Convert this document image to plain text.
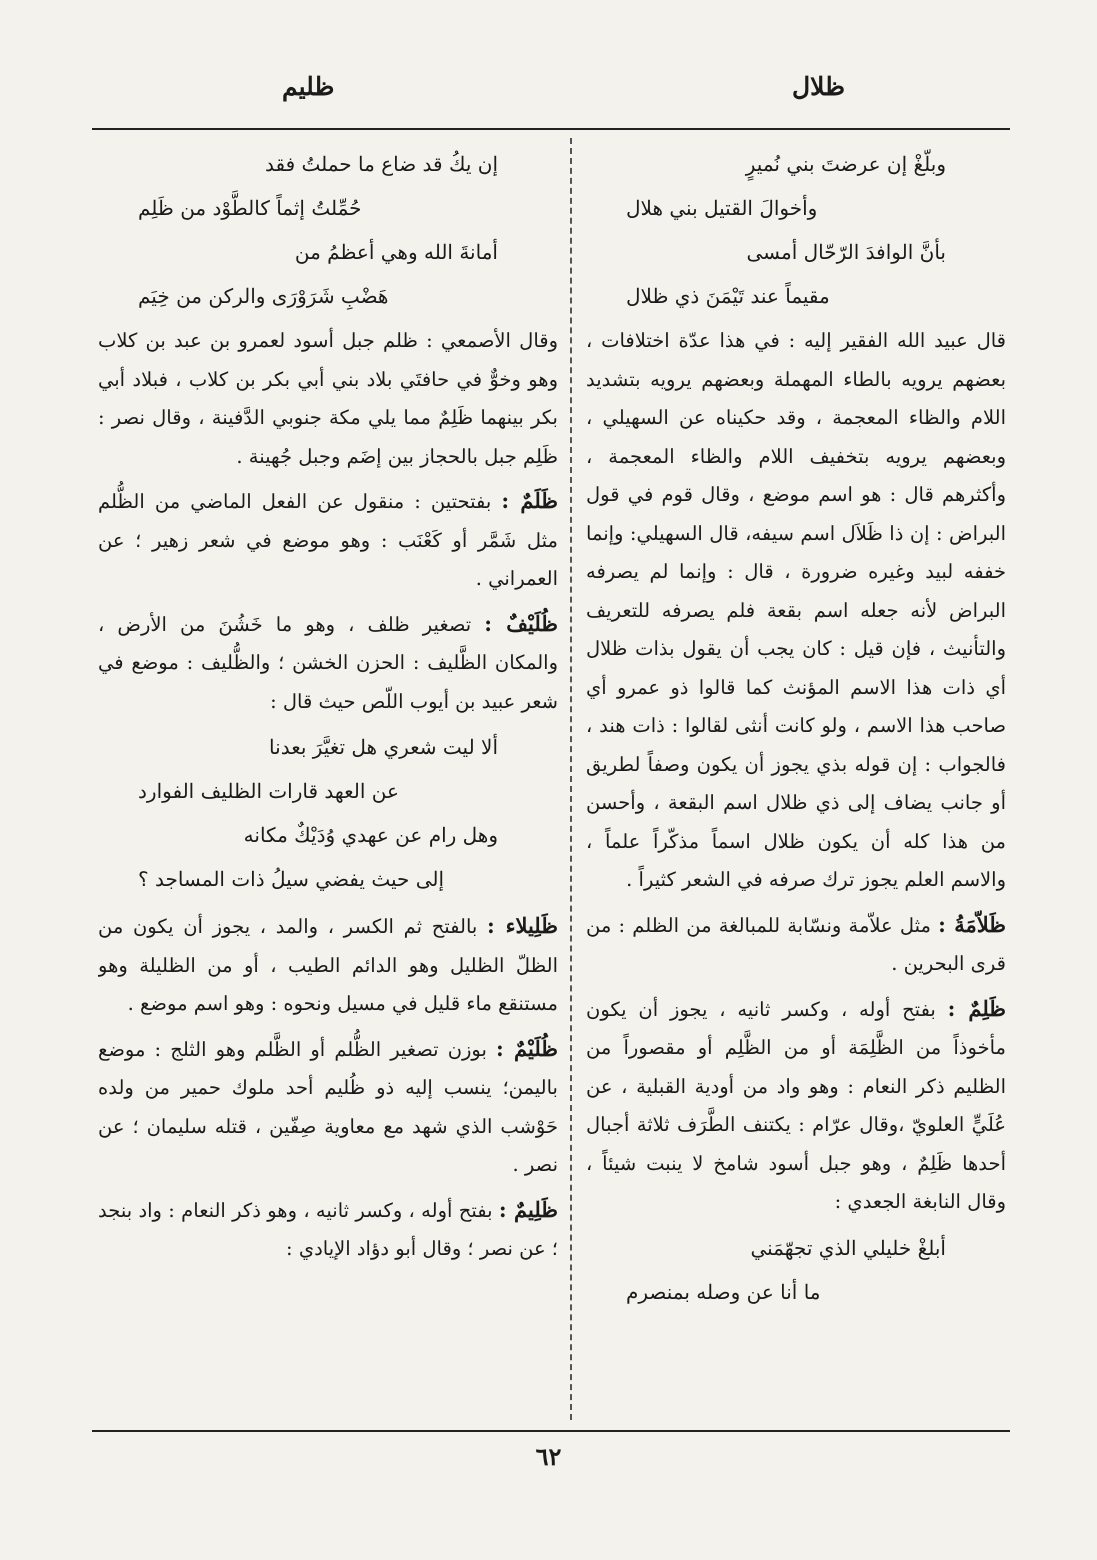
ظلال
ظليم

وبلّغْ إن عرضتَ بني نُميرٍ

وأخوالَ القتيل بني هلال

بأنَّ الوافدَ الرّحّال أمسى

مقيماً عند تَيْمَنَ ذي ظلال

قال عبيد الله الفقير إليه : في هذا عدّة اختلافات ، بعضهم يرويه بالطاء المهملة وبعضهم يرويه بتشديد اللام والظاء المعجمة ، وقد حكيناه عن السهيلي ، وبعضهم يرويه بتخفيف اللام والظاء المعجمة ، وأكثرهم قال : هو اسم موضع ، وقال قوم في قول البراض : إن ذا ظَلاَل اسم سيفه، قال السهيلي: وإنما خففه لبيد وغيره ضرورة ، قال : وإنما لم يصرفه البراض لأنه جعله اسم بقعة فلم يصرفه للتعريف والتأنيث ، فإن قيل : كان يجب أن يقول بذات ظلال أي ذات هذا الاسم المؤنث كما قالوا ذو عمرو أي صاحب هذا الاسم ، ولو كانت أنثى لقالوا : ذات هند ، فالجواب : إن قوله بذي يجوز أن يكون وصفاً لطريق أو جانب يضاف إلى ذي ظلال اسم البقعة ، وأحسن من هذا كله أن يكون ظلال اسماً مذكّراً علماً ، والاسم العلم يجوز ترك صرفه في الشعر كثيراً .

ظَلاّمَةُ : مثل علاّمة ونسّابة للمبالغة من الظلم : من قرى البحرين .

ظَلِمٌ : بفتح أوله ، وكسر ثانيه ، يجوز أن يكون مأخوذاً من الظَّلِمَة أو من الظَّلِم أو مقصوراً من الظليم ذكر النعام : وهو واد من أودية القبلية ، عن عُلَيٍّ العلويّ ،وقال عرّام : يكتنف الطَّرَف ثلاثة أجبال أحدها ظَلِمٌ ، وهو جبل أسود شامخ لا ينبت شيئاً ، وقال النابغة الجعدي :

أبلغْ خليلي الذي تجهّمَني

ما أنا عن وصله بمنصرم

إن يكُ قد ضاع ما حملتُ فقد

حُمِّلتُ إثماً كالطَّوْد من ظَلِم

أمانةَ الله وهي أعظمُ من

هَضْبِ شَرَوْرَى والركن من خِيَم

وقال الأصمعي : ظلم جبل أسود لعمرو بن عبد بن كلاب وهو وخوٌّ في حافتَي بلاد بني أبي بكر بن كلاب ، فبلاد أبي بكر بينهما ظَلِمٌ مما يلي مكة جنوبي الدَّفينة ، وقال نصر : ظَلِم جبل بالحجاز بين إضَم وجبل جُهينة .

ظَلَمٌ : بفتحتين : منقول عن الفعل الماضي من الظُّلم مثل شَمَّر أو كَعْنَب : وهو موضع في شعر زهير ؛ عن العمراني .

ظُلَيْفٌ : تصغير ظلف ، وهو ما خَشُنَ من الأرض ، والمكان الظَّليف : الحزن الخشن ؛ والظُّليف : موضع في شعر عبيد بن أيوب اللّص حيث قال :

ألا ليت شعري هل تغيَّرَ بعدنا

عن العهد قارات الظليف الفوارد

وهل رام عن عهدي وُدَيْكٌ مكانه

إلى حيث يفضي سيلُ ذات المساجد ؟

ظَلِيلاء : بالفتح ثم الكسر ، والمد ، يجوز أن يكون من الظلّ الظليل وهو الدائم الطيب ، أو من الظليلة وهو مستنقع ماء قليل في مسيل ونحوه : وهو اسم موضع .

ظُلَيْمٌ : بوزن تصغير الظُّلم أو الظَّلم وهو الثلج : موضع باليمن؛ ينسب إليه ذو ظُليم أحد ملوك حمير من ولده حَوْشب الذي شهد مع معاوية صِفّين ، قتله سليمان ؛ عن نصر .

ظَلِيمٌ : بفتح أوله ، وكسر ثانيه ، وهو ذكر النعام : واد بنجد ؛ عن نصر ؛ وقال أبو دؤاد الإيادي :

٦٢
